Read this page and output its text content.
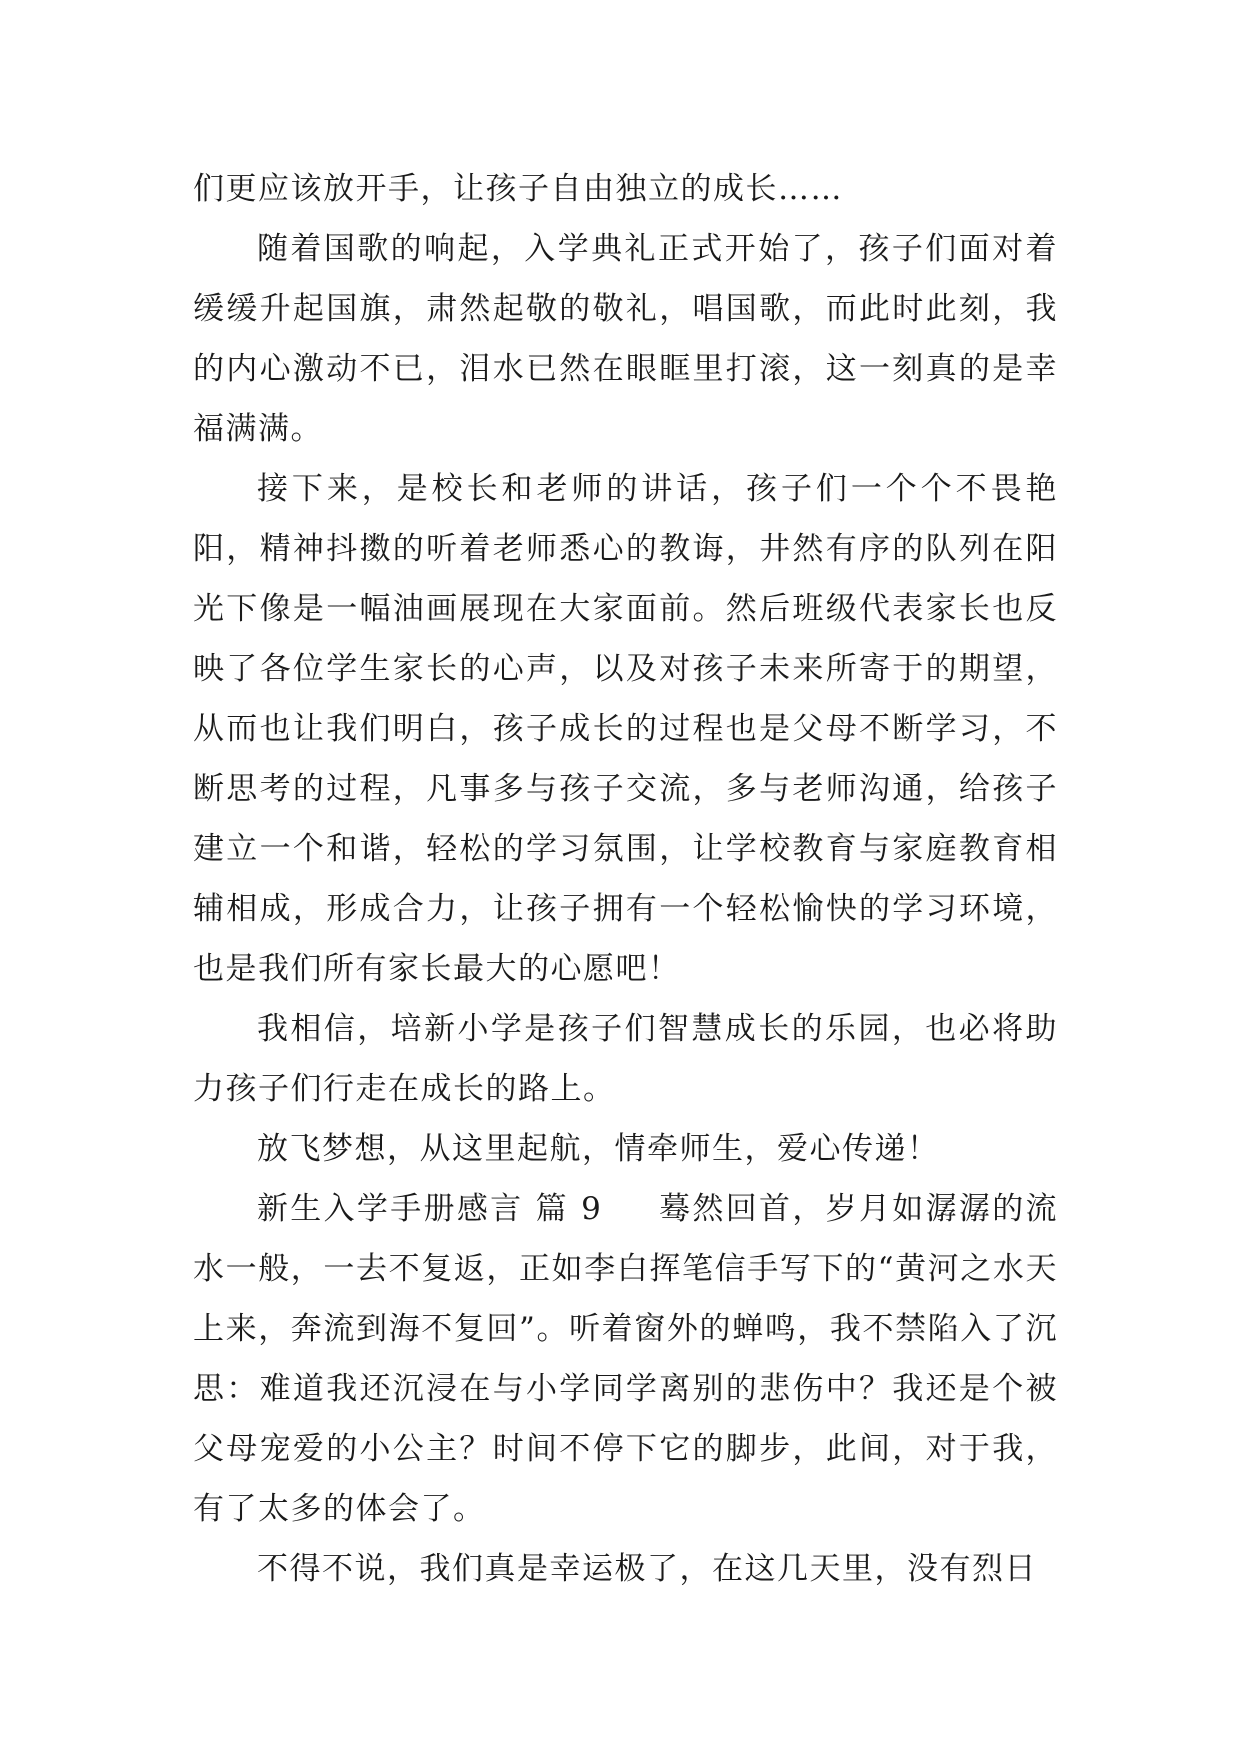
们更应该放开手，让孩子自由独立的成长……

随着国歌的响起，入学典礼正式开始了，孩子们面对着缓缓升起国旗，肃然起敬的敬礼，唱国歌，而此时此刻，我的内心激动不已，泪水已然在眼眶里打滚，这一刻真的是幸福满满。

接下来，是校长和老师的讲话，孩子们一个个不畏艳阳，精神抖擞的听着老师悉心的教诲，井然有序的队列在阳光下像是一幅油画展现在大家面前。然后班级代表家长也反映了各位学生家长的心声，以及对孩子未来所寄于的期望，从而也让我们明白，孩子成长的过程也是父母不断学习，不断思考的过程，凡事多与孩子交流，多与老师沟通，给孩子建立一个和谐，轻松的学习氛围，让学校教育与家庭教育相辅相成，形成合力，让孩子拥有一个轻松愉快的学习环境，也是我们所有家长最大的心愿吧！

我相信，培新小学是孩子们智慧成长的乐园，也必将助力孩子们行走在成长的路上。

放飞梦想，从这里起航，情牵师生，爱心传递！

新生入学手册感言 篇 9 蓦然回首，岁月如潺潺的流水一般，一去不复返，正如李白挥笔信手写下的“黄河之水天上来，奔流到海不复回”。听着窗外的蝉鸣，我不禁陷入了沉思：难道我还沉浸在与小学同学离别的悲伤中？我还是个被父母宠爱的小公主？时间不停下它的脚步，此间，对于我，有了太多的体会了。

不得不说，我们真是幸运极了，在这几天里，没有烈日
